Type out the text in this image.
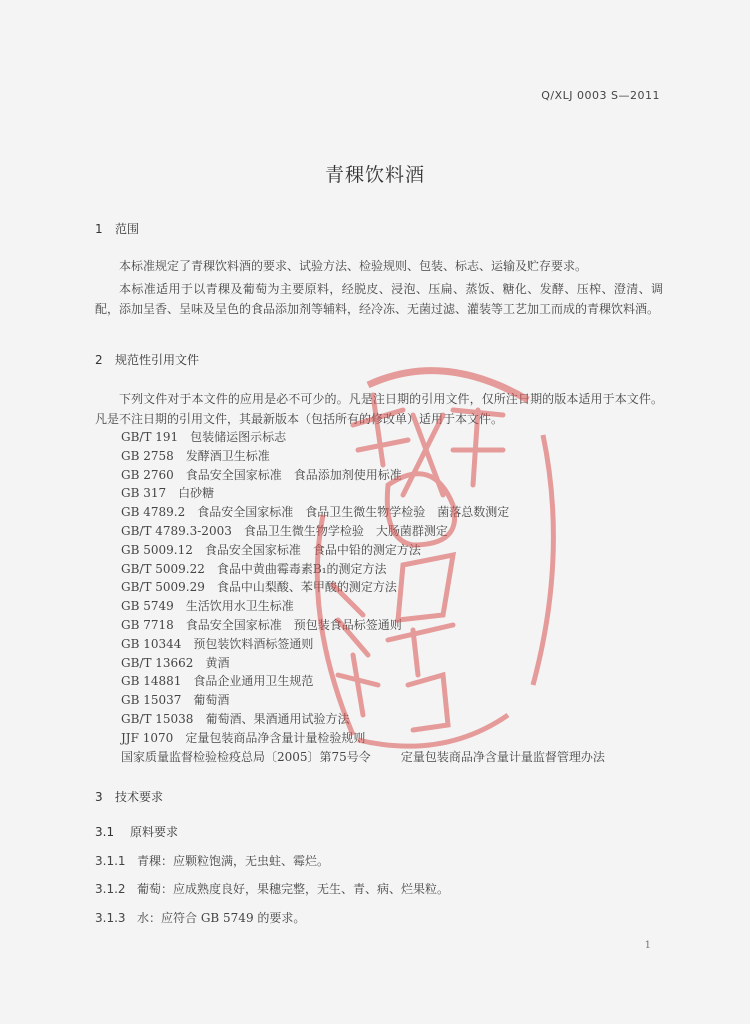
Q/XLJ 0003 S—2011
青稞饮料酒
1 范围
本标准规定了青稞饮料酒的要求、试验方法、检验规则、包装、标志、运输及贮存要求。
本标准适用于以青稞及葡萄为主要原料，经脱皮、浸泡、压扁、蒸饭、糖化、发酵、压榨、澄清、调配，添加呈香、呈味及呈色的食品添加剂等辅料，经冷冻、无菌过滤、灌装等工艺加工而成的青稞饮料酒。
2 规范性引用文件
下列文件对于本文件的应用是必不可少的。凡是注日期的引用文件，仅所注日期的版本适用于本文件。凡是不注日期的引用文件，其最新版本（包括所有的修改单）适用于本文件。
GB/T 191 包装储运图示标志
GB 2758 发酵酒卫生标准
GB 2760 食品安全国家标准　食品添加剂使用标准
GB 317 白砂糖
GB 4789.2 食品安全国家标准　食品卫生微生物学检验　菌落总数测定
GB/T 4789.3-2003 食品卫生微生物学检验　大肠菌群测定
GB 5009.12 食品安全国家标准　食品中铅的测定方法
GB/T 5009.22 食品中黄曲霉毒素B₁的测定方法
GB/T 5009.29 食品中山梨酸、苯甲酸的测定方法
GB 5749 生活饮用水卫生标准
GB 7718 食品安全国家标准　预包装食品标签通则
GB 10344 预包装饮料酒标签通则
GB/T 13662 黄酒
GB 14881 食品企业通用卫生规范
GB 15037 葡萄酒
GB/T 15038 葡萄酒、果酒通用试验方法
JJF 1070 定量包装商品净含量计量检验规则
国家质量监督检验检疫总局〔2005〕第75号令	定量包装商品净含量计量监督管理办法
3 技术要求
3.1 原料要求
3.1.1 青稞：应颗粒饱满，无虫蛀、霉烂。
3.1.2 葡萄：应成熟度良好，果穗完整，无生、青、病、烂果粒。
3.1.3 水：应符合 GB 5749 的要求。
1
